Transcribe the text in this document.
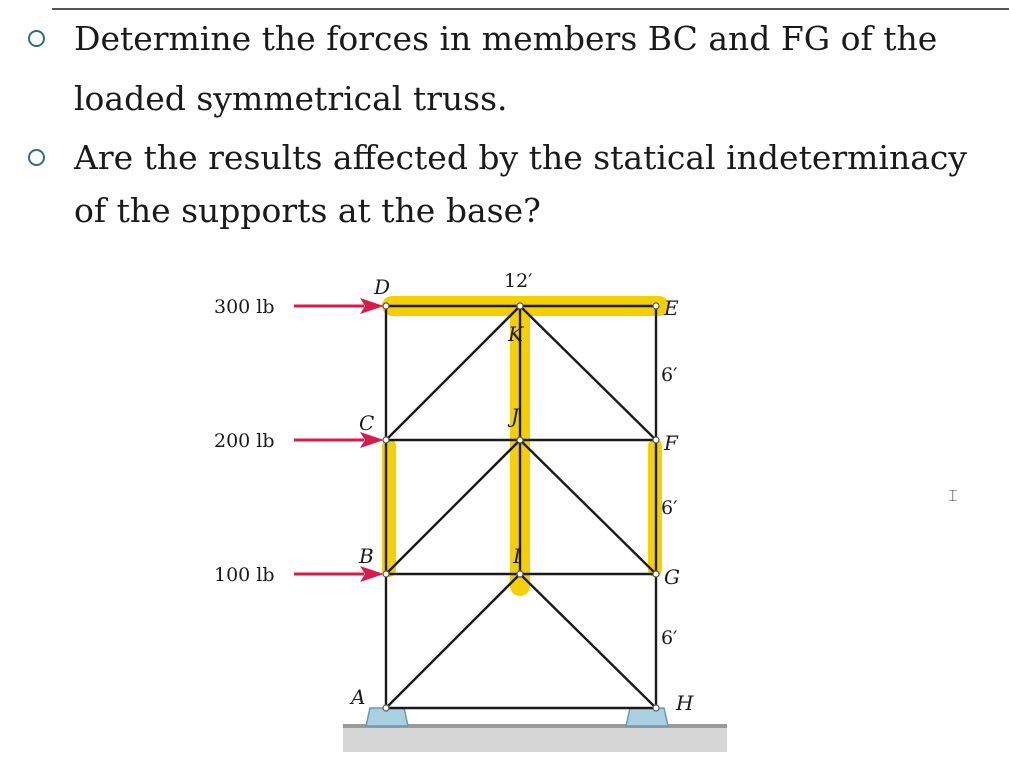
Determine the forces in members BC and FG of the
loaded symmetrical truss.
Are the results affected by the statical indeterminacy
of the supports at the base?
300 lb
200 lb
100 lb
12′
6′
6′
6′
A
B
C
D
E
F
G
H
I
J
K
⌶
